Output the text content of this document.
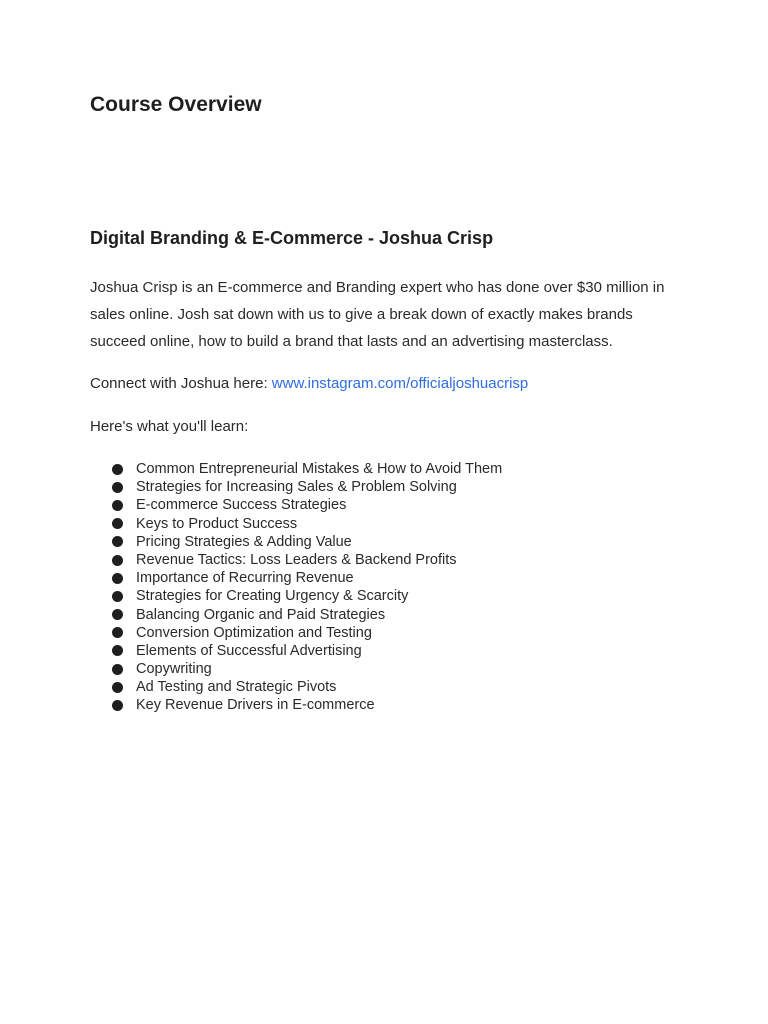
Course Overview
Digital Branding & E-Commerce - Joshua Crisp

Joshua Crisp is an E-commerce and Branding expert who has done over $30 million in sales online. Josh sat down with us to give a break down of exactly makes brands succeed online, how to build a brand that lasts and an advertising masterclass.

Connect with Joshua here: www.instagram.com/officialjoshuacrisp

Here's what you'll learn:

Common Entrepreneurial Mistakes & How to Avoid Them
Strategies for Increasing Sales & Problem Solving
E-commerce Success Strategies
Keys to Product Success
Pricing Strategies & Adding Value
Revenue Tactics: Loss Leaders & Backend Profits
Importance of Recurring Revenue
Strategies for Creating Urgency & Scarcity
Balancing Organic and Paid Strategies
Conversion Optimization and Testing
Elements of Successful Advertising
Copywriting
Ad Testing and Strategic Pivots
Key Revenue Drivers in E-commerce
